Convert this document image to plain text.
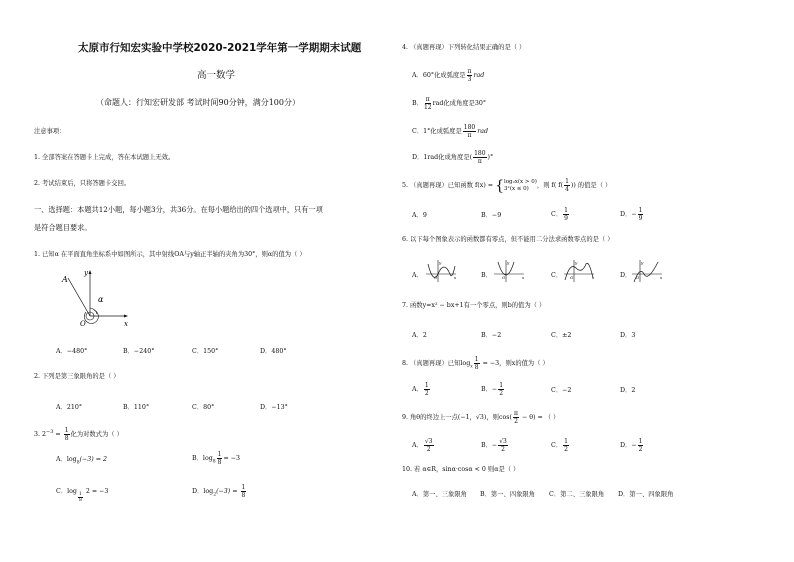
太原市行知宏实验中学校2020-2021学年第一学期期末试题
高一数学
（命题人：行知宏研发部 考试时间90分钟，满分100分）
注意事项：
1. 全部答案在答题卡上完成，答在本试题上无效。
2. 考试结束后，只将答题卡交回。
一、选择题：本题共12小题，每小题3分，共36分。在每小题给出的四个选项中，只有一项
是符合题目要求。
1. 已知α 在平面直角坐标系中如图所示，其中射线OA与y轴正半轴的夹角为30°，则α的值为（ ）
A
y
α
O	x
A．−480°	B．−240°	C．150°	D．480°
2. 下列是第三象限角的是（ ）
A．210°	B．110°	C．80°	D．−13°
3. $2^{-3} = \frac{1}{8}$ 化为对数式为（ ）
A．$\log_8(-3) = 2$	B．$\log_8 \frac{1}{8} = -3$
C．log
$\frac{1}{8}$
2 = −3	D．$\log_2(-3) = \frac{1}{8}$
4. （真题再现）下列转化结果正确的是（ ）
A．60°化成弧度是 $\frac{\pi}{3}$ rad
B． $\frac{\pi}{12}$ rad化成角度是30°
C．1°化成弧度是 $\frac{180}{\pi}$ rad
D．1rad化成角度是( $\frac{180}{\pi}$ )°
5. （真题再现）已知函数 f(x) = { log₂x(x > 0)
3ˣ(x ≤ 0)	，则 f( $f( \frac{1}{4}$ )) 的值是（ ）
A．9	B．−9	C． $\frac{1}{9}$	D．− $\frac{1}{9}$
6. 以下每个图象表示的函数都有零点，但不能用二分法求函数零点的是（ ）
A．	B．	C．	D．
y
x
O
y
x
O
y
x
O
y
x
O
7. 函数y=x² − bx+1有一个零点，则b的值为（ ）
A．2	B．−2	C．±2	D．3
8. （真题再现）已知$\log_x \frac{1}{8} = -3$，则x的值为（ ）
A． $\frac{1}{2}$	B．− $\frac{1}{2}$	C．−2	D．2
9. 角θ的终边上一点(−1，√3)，则$\cos( \frac{\pi}{2} - \theta)$ = （ ）
A． $\frac{√3}{2}$	B．− $\frac{√3}{2}$	C． $\frac{1}{2}$	D．− $\frac{1}{2}$
10. 若 α∈R，sinα·cosα < 0 则α是（ ）
A．第一、三象限角 B．第一、四象限角 C．第二、三象限角 D．第一、四象限角
